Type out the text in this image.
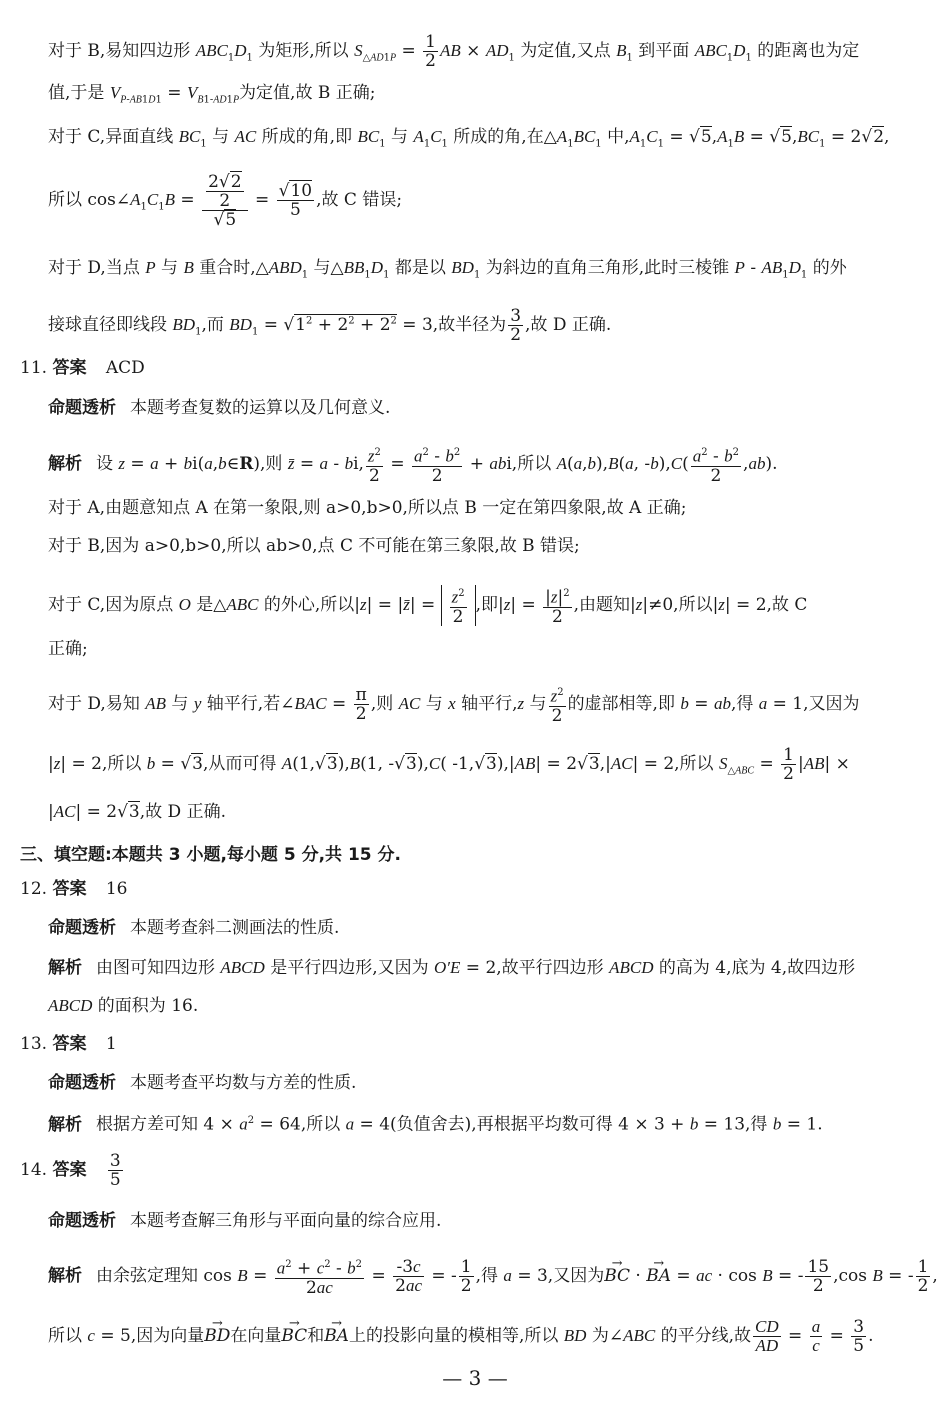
对于 B,易知四边形 $ABC_1D_1$ 为矩形,所以 $S_{\triangle AD1P} = \frac{1}{2}$ AB × $AD_1$ 为定值,又点 $B_1$ 到平面 $ABC_1D_1$ 的距离也为定
值,于是 $V_{P-AB1D1} = V_{B1-AD1P}$为定值,故 B 正确;
对于 C,异面直线 $BC_1$ 与 AC 所成的角,即 $BC_1$ 与 $A_1C_1$ 所成的角,在$\triangle A_1BC_1$ 中$,A_1C_1 = √5,A_1B = √5,BC_1 = 2√2$,
所以 $\cos\angle A_1C_1B = \frac{\frac{2√2}{2}}{√5} = \frac{√10}{5}$ ,故 C 错误;
对于 D,当点 P 与 B 重合时$,\triangle ABD_1$ 与$\triangle BB_1D_1$ 都是以 $BD_1$ 为斜边的直角三角形,此时三棱锥 P - $AB_1D_1$ 的外
接球直径即线段 $BD_1$,而 $BD_1 = √1^2 + 2^2 + 2^2 = 3$,故半径为 $\frac{3}{2}$ ,故 D 正确.
11. 答案 ACD
命题透析 本题考查复数的运算以及几何意义.
解析 设 z = a + bi(a,b∈R),则 z̄ = a - bi, $\frac{z^2}{2} = \frac{a^2 - b^2}{2}$ + abi,所以 A(a,b),B(a, $-b),C( \frac{a^2 - b^2}{2} ,ab)$.
对于 A,由题意知点 A 在第一象限,则 a>0,b>0,所以点 B 一定在第四象限,故 A 正确;
对于 B,因为 a>0,b>0,所以 ab>0,点 C 不可能在第三象限,故 B 错误;
对于 C,因为原点 O 是△ABC 的外心,所以|z| = |z̄| = $\frac{z^2}{2}$ ,即$|z| = \frac{|z|^2}{2}$ ,由题知|z|≠0,所以|z| = 2,故 C
正确;
对于 D,易知 AB 与 y 轴平行,若∠BAC = $\frac{\pi}{2}$ ,则 AC 与 x 轴平行,z 与 $\frac{z^2}{2}$ 的虚部相等,即 b = ab,得 a = 1,又因为
|z| = 2,所以 b = √3,从而可得 A(1,√3),B(1, -√3),C( -1,√3),|AB| = 2√3,|AC| = 2,所以 $S_{\triangle ABC} = \frac{1}{2} |AB|$ ×
|AC| = 2√3,故 D 正确.
三、填空题:本题共 3 小题,每小题 5 分,共 15 分.
12. 答案 16
命题透析 本题考查斜二测画法的性质.
解析 由图可知四边形 ABCD 是平行四边形,又因为 O′E = 2,故平行四边形 ABCD 的高为 4,底为 4,故四边形
ABCD 的面积为 16.
13. 答案 1
命题透析 本题考查平均数与方差的性质.
解析 根据方差可知 $4 \times a^2 = 64$,所以 a = 4(负值舍去),再根据平均数可得 4 × 3 + b = 13,得 b = 1.
14. 答案 $\frac{3}{5}$
命题透析 本题考查解三角形与平面向量的综合应用.
解析 由余弦定理知 $\cos B = \frac{a^2 + c^2 - b^2}{2ac} = \frac{-3c}{2ac}$ = - $\frac{1}{2}$ ,得 a = 3,又因为→ BC · → BA = ac · cos B = - $\frac{15}{2} ,\cos$ B = - $\frac{1}{2}$ ,
所以 c = 5,因为向量→ BD在向量→ BC和→ BA上的投影向量的模相等,所以 BD 为∠ABC 的平分线,故 $\frac{CD}{AD} = \frac{a}{c} = \frac{3}{5}$ .
— 3 —
